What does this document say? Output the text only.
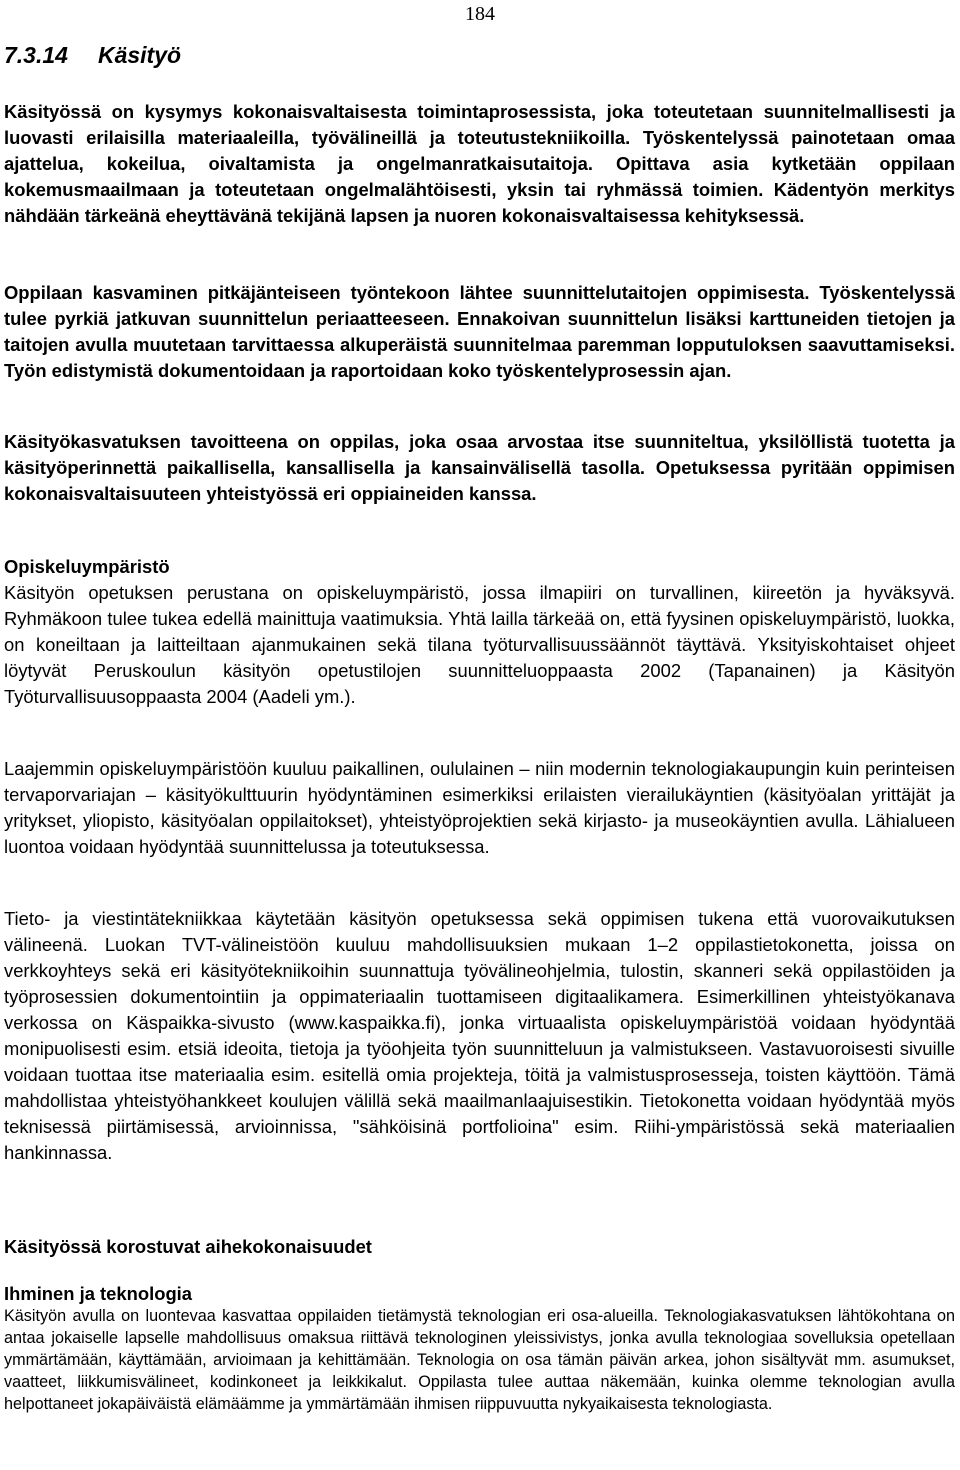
184
7.3.14 Käsityö

Käsityössä on kysymys kokonaisvaltaisesta toimintaprosessista, joka toteutetaan suunnitelmallisesti ja luovasti erilaisilla materiaaleilla, työvälineillä ja toteutustekniikoilla. Työskentelyssä painotetaan omaa ajattelua, kokeilua, oivaltamista ja ongelmanratkaisutaitoja. Opittava asia kytketään oppilaan kokemusmaailmaan ja toteutetaan ongelmalähtöisesti, yksin tai ryhmässä toimien. Kädentyön merkitys nähdään tärkeänä eheyttävänä tekijänä lapsen ja nuoren kokonaisvaltaisessa kehityksessä.

Oppilaan kasvaminen pitkäjänteiseen työntekoon lähtee suunnittelutaitojen oppimisesta. Työskentelyssä tulee pyrkiä jatkuvan suunnittelun periaatteeseen. Ennakoivan suunnittelun lisäksi karttuneiden tietojen ja taitojen avulla muutetaan tarvittaessa alkuperäistä suunnitelmaa paremman lopputuloksen saavuttamiseksi. Työn edistymistä dokumentoidaan ja raportoidaan koko työskentelyprosessin ajan.

Käsityökasvatuksen tavoitteena on oppilas, joka osaa arvostaa itse suunniteltua, yksilöllistä tuotetta ja käsityöperinnettä paikallisella, kansallisella ja kansainvälisellä tasolla. Opetuksessa pyritään oppimisen kokonaisvaltaisuuteen yhteistyössä eri oppiaineiden kanssa.

Opiskeluympäristö

Käsityön opetuksen perustana on opiskeluympäristö, jossa ilmapiiri on turvallinen, kiireetön ja hyväksyvä. Ryhmäkoon tulee tukea edellä mainittuja vaatimuksia. Yhtä lailla tärkeää on, että fyysinen opiskeluympäristö, luokka, on koneiltaan ja laitteiltaan ajanmukainen sekä tilana työturvallisuussäännöt täyttävä. Yksityiskohtaiset ohjeet löytyvät Peruskoulun käsityön opetustilojen suunnitteluoppaasta 2002 (Tapanainen) ja Käsityön Työturvallisuusoppaasta 2004 (Aadeli ym.).

Laajemmin opiskeluympäristöön kuuluu paikallinen, oululainen – niin modernin teknologiakaupungin kuin perinteisen tervaporvariajan – käsityökulttuurin hyödyntäminen esimerkiksi erilaisten vierailukäyntien (käsityöalan yrittäjät ja yritykset, yliopisto, käsityöalan oppilaitokset), yhteistyöprojektien sekä kirjasto- ja museokäyntien avulla. Lähialueen luontoa voidaan hyödyntää suunnittelussa ja toteutuksessa.

Tieto- ja viestintätekniikkaa käytetään käsityön opetuksessa sekä oppimisen tukena että vuorovaikutuksen välineenä. Luokan TVT-välineistöön kuuluu mahdollisuuksien mukaan 1–2 oppilastietokonetta, joissa on verkkoyhteys sekä eri käsityötekniikoihin suunnattuja työvälineohjelmia, tulostin, skanneri sekä oppilastöiden ja työprosessien dokumentointiin ja oppimateriaalin tuottamiseen digitaalikamera. Esimerkillinen yhteistyökanava verkossa on Käspaikka-sivusto (www.kaspaikka.fi), jonka virtuaalista opiskeluympäristöä voidaan hyödyntää monipuolisesti esim. etsiä ideoita, tietoja ja työohjeita työn suunnitteluun ja valmistukseen. Vastavuoroisesti sivuille voidaan tuottaa itse materiaalia esim. esitellä omia projekteja, töitä ja valmistusprosesseja, toisten käyttöön. Tämä mahdollistaa yhteistyöhankkeet koulujen välillä sekä maailmanlaajuisestikin. Tietokonetta voidaan hyödyntää myös teknisessä piirtämisessä, arvioinnissa, "sähköisinä portfolioina" esim. Riihi-ympäristössä sekä materiaalien hankinnassa.

Käsityössä korostuvat aihekokonaisuudet
Ihminen ja teknologia

Käsityön avulla on luontevaa kasvattaa oppilaiden tietämystä teknologian eri osa-alueilla. Teknologiakasvatuksen lähtökohtana on antaa jokaiselle lapselle mahdollisuus omaksua riittävä teknologinen yleissivistys, jonka avulla teknologiaa sovelluksia opetellaan ymmärtämään, käyttämään, arvioimaan ja kehittämään. Teknologia on osa tämän päivän arkea, johon sisältyvät mm. asumukset, vaatteet, liikkumisvälineet, kodinkoneet ja leikkikalut. Oppilasta tulee auttaa näkemään, kuinka olemme teknologian avulla helpottaneet jokapäiväistä elämäämme ja ymmärtämään ihmisen riippuvuutta nykyaikaisesta teknologiasta.
